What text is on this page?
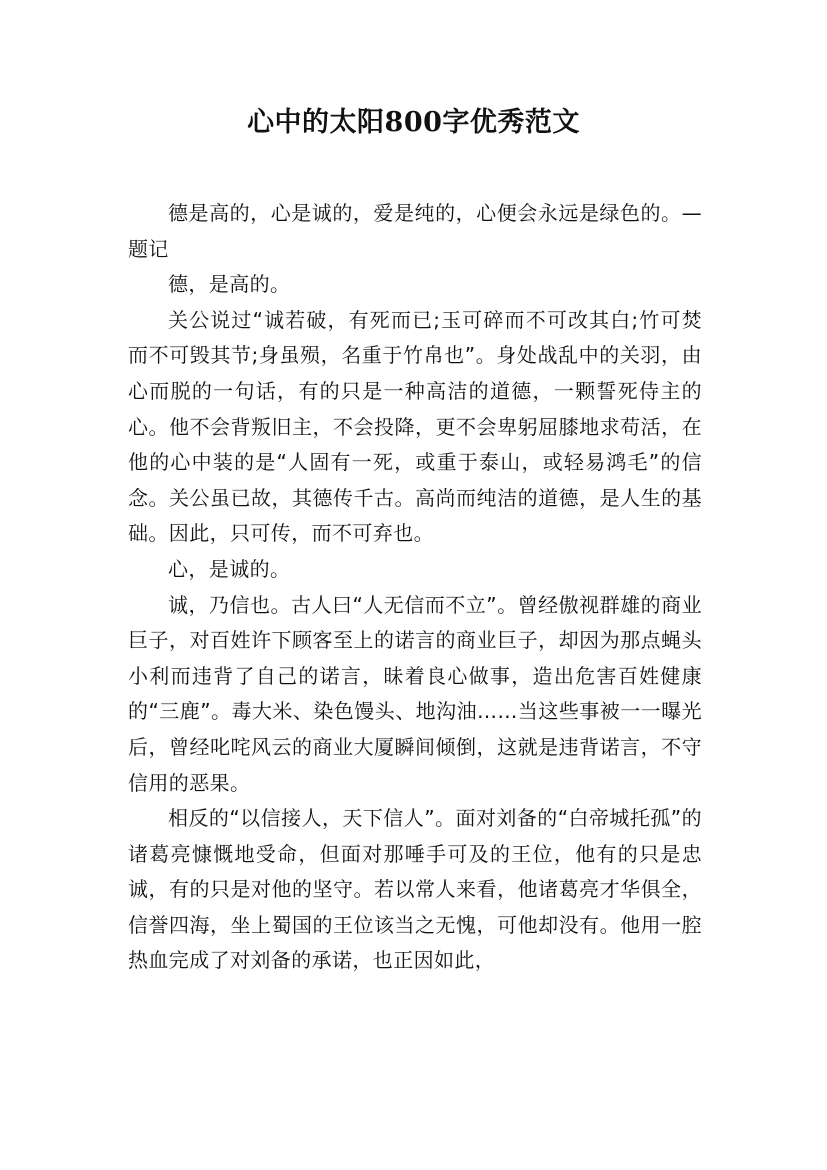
心中的太阳800字优秀范文

德是高的，心是诚的，爱是纯的，心便会永远是绿色的。—题记

德，是高的。

关公说过“诚若破，有死而已;玉可碎而不可改其白;竹可焚而不可毁其节;身虽殒，名重于竹帛也”。身处战乱中的关羽，由心而脱的一句话，有的只是一种高洁的道德，一颗誓死侍主的心。他不会背叛旧主，不会投降，更不会卑躬屈膝地求苟活，在他的心中装的是“人固有一死，或重于泰山，或轻易鸿毛”的信念。关公虽已故，其德传千古。高尚而纯洁的道德，是人生的基础。因此，只可传，而不可弃也。

心，是诚的。

诚，乃信也。古人曰“人无信而不立”。曾经傲视群雄的商业巨子，对百姓许下顾客至上的诺言的商业巨子，却因为那点蝇头小利而违背了自己的诺言，昧着良心做事，造出危害百姓健康的“三鹿”。毒大米、染色馒头、地沟油……当这些事被一一曝光后，曾经叱咤风云的商业大厦瞬间倾倒，这就是违背诺言，不守信用的恶果。

相反的“以信接人，天下信人”。面对刘备的“白帝城托孤”的诸葛亮慷慨地受命，但面对那唾手可及的王位，他有的只是忠诚，有的只是对他的坚守。若以常人来看，他诸葛亮才华俱全，信誉四海，坐上蜀国的王位该当之无愧，可他却没有。他用一腔热血完成了对刘备的承诺，也正因如此，
